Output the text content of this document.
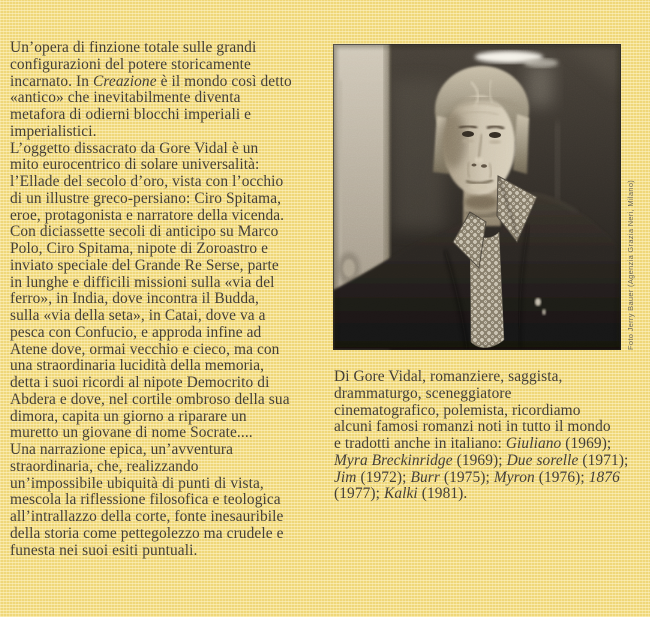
Un’opera di finzione totale sulle grandi
configurazioni del potere storicamente
incarnato. In Creazione è il mondo così detto
«antico» che inevitabilmente diventa
metafora di odierni blocchi imperiali e
imperialistici.
L’oggetto dissacrato da Gore Vidal è un
mito eurocentrico di solare universalità:
l’Ellade del secolo d’oro, vista con l’occhio
di un illustre greco-persiano: Ciro Spitama,
eroe, protagonista e narratore della vicenda.
Con diciassette secoli di anticipo su Marco
Polo, Ciro Spitama, nipote di Zoroastro e
inviato speciale del Grande Re Serse, parte
in lunghe e difficili missioni sulla «via del
ferro», in India, dove incontra il Budda,
sulla «via della seta», in Catai, dove va a
pesca con Confucio, e approda infine ad
Atene dove, ormai vecchio e cieco, ma con
una straordinaria lucidità della memoria,
detta i suoi ricordi al nipote Democrito di
Abdera e dove, nel cortile ombroso della sua
dimora, capita un giorno a riparare un
muretto un giovane di nome Socrate....
Una narrazione epica, un’avventura
straordinaria, che, realizzando
un’impossibile ubiquità di punti di vista,
mescola la riflessione filosofica e teologica
all’intrallazzo della corte, fonte inesauribile
della storia come pettegolezzo ma crudele e
funesta nei suoi esiti puntuali.
Foto Jerry Bauer (Agenzia Grazia Neri, Milano)
Di Gore Vidal, romanziere, saggista,
drammaturgo, sceneggiatore
cinematografico, polemista, ricordiamo
alcuni famosi romanzi noti in tutto il mondo
e tradotti anche in italiano: Giuliano (1969);
Myra Breckinridge (1969); Due sorelle (1971);
Jim (1972); Burr (1975); Myron (1976); 1876
(1977); Kalki (1981).
